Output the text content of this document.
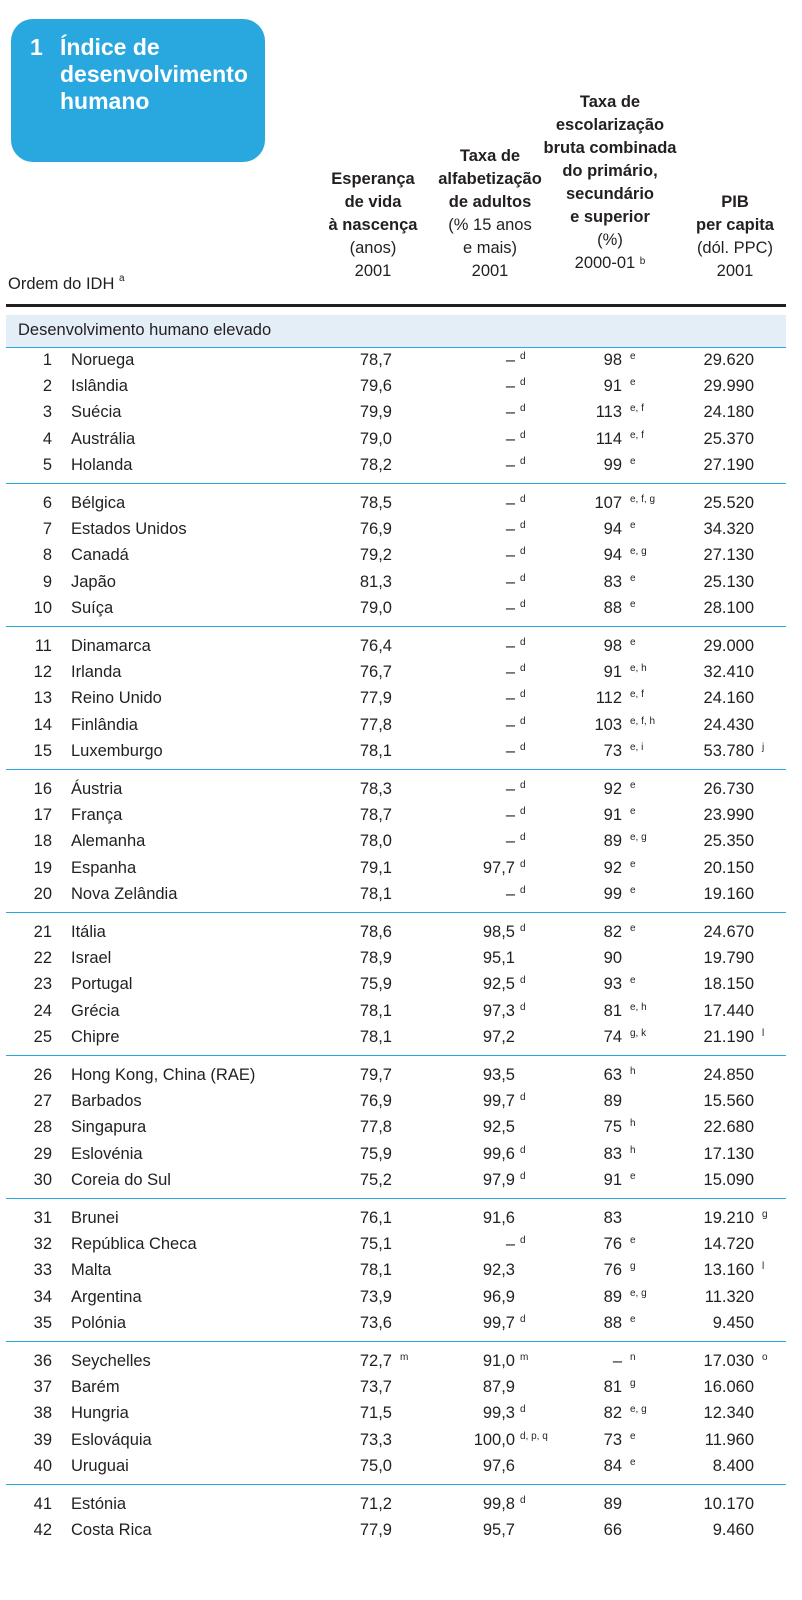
1 Índice de desenvolvimento humano
Esperança
de vida
à nascença
(anos)
2001
Taxa de
alfabetização
de adultos
(% 15 anos
e mais)
2001
Taxa de
escolarização
bruta combinada
do primário,
secundário
e superior
(%)
2000-01 $^b$
PIB
per capita
(dól. PPC)
2001
Ordem do IDH $^a$
Desenvolvimento humano elevado
1 Noruega	78,7	– d	98 e	29.620
2 Islândia	79,6	– d	91 e	29.990
3 Suécia	79,9	– d	113 e, f	24.180
4 Austrália	79,0	– d	114 e, f	25.370
5 Holanda	78,2	– d	99 e	27.190
6 Bélgica	78,5	– d	107 e, f, g	25.520
7 Estados Unidos	76,9	– d	94 e	34.320
8 Canadá	79,2	– d	94 e, g	27.130
9 Japão	81,3	– d	83 e	25.130
10 Suíça	79,0	– d	88 e	28.100
11 Dinamarca	76,4	– d	98 e	29.000
12 Irlanda	76,7	– d	91 e, h	32.410
13 Reino Unido	77,9	– d	112 e, f	24.160
14 Finlândia	77,8	– d	103 e, f, h	24.430
15 Luxemburgo	78,1	– d	73 e, i	53.780 j
16 Áustria	78,3	– d	92 e	26.730
17 França	78,7	– d	91 e	23.990
18 Alemanha	78,0	– d	89 e, g	25.350
19 Espanha	79,1	97,7 d	92 e	20.150
20 Nova Zelândia	78,1	– d	99 e	19.160
21 Itália	78,6	98,5 d	82 e	24.670
22 Israel	78,9	95,1	90	19.790
23 Portugal	75,9	92,5 d	93 e	18.150
24 Grécia	78,1	97,3 d	81 e, h	17.440
25 Chipre	78,1	97,2	74 g, k	21.190 l
26 Hong Kong, China (RAE)	79,7	93,5	63 h	24.850
27 Barbados	76,9	99,7 d	89	15.560
28 Singapura	77,8	92,5	75 h	22.680
29 Eslovénia	75,9	99,6 d	83 h	17.130
30 Coreia do Sul	75,2	97,9 d	91 e	15.090
31 Brunei	76,1	91,6	83	19.210 g
32 República Checa	75,1	– d	76 e	14.720
33 Malta	78,1	92,3	76 g	13.160 l
34 Argentina	73,9	96,9	89 e, g	11.320
35 Polónia	73,6	99,7 d	88 e	9.450
36 Seychelles	72,7 m	91,0 m	– n	17.030 o
37 Barém	73,7	87,9	81 g	16.060
38 Hungria	71,5	99,3 d	82 e, g	12.340
39 Eslováquia	73,3	100,0 d, p, q	73 e	11.960
40 Uruguai	75,0	97,6	84 e	8.400
41 Estónia	71,2	99,8 d	89	10.170
42 Costa Rica	77,9	95,7	66	9.460
